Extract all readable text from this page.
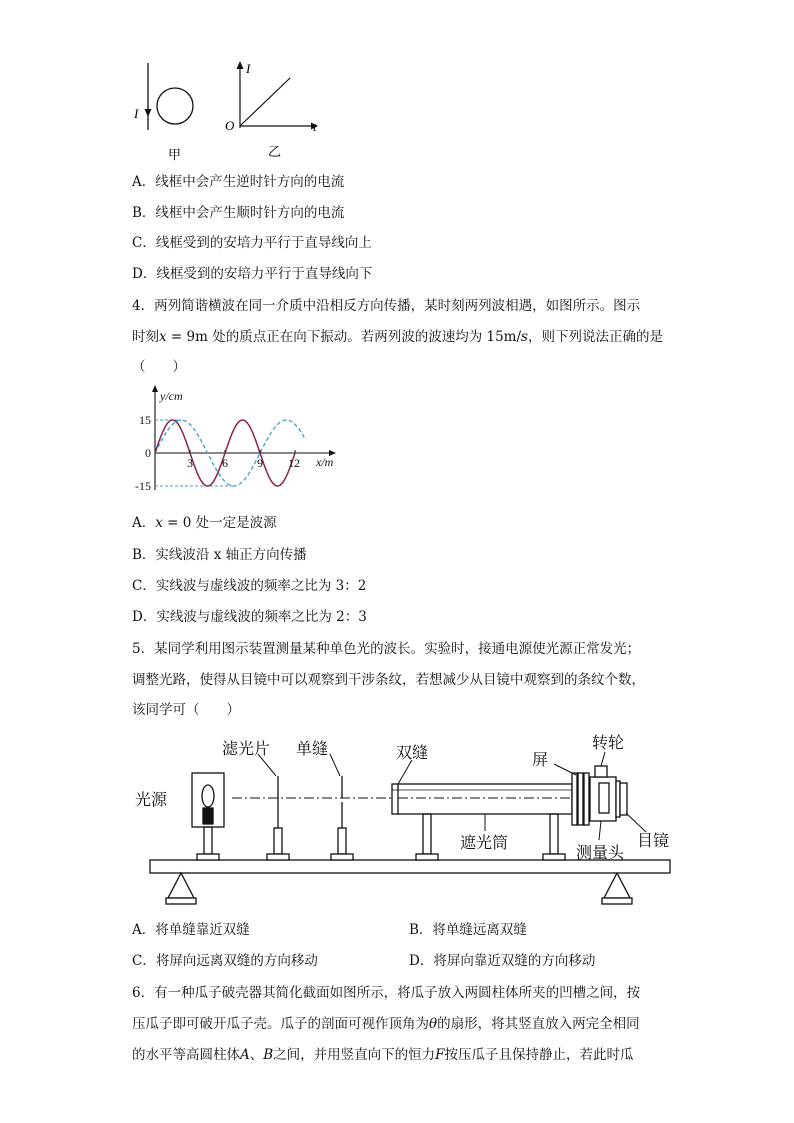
I
甲
I
t
O
乙
A．线框中会产生逆时针方向的电流
B．线框中会产生顺时针方向的电流
C．线框受到的安培力平行于直导线向上
D．线框受到的安培力平行于直导线向下
4．两列简谐横波在同一介质中沿相反方向传播，某时刻两列波相遇，如图所示。图示
时刻x = 9m 处的质点正在向下振动。若两列波的波速均为 15m/s，则下列说法正确的是
（　　）
3 6 9 12
15
0
-15
y/cm
x/m
A．x = 0 处一定是波源
B．实线波沿 x 轴正方向传播
C．实线波与虚线波的频率之比为 3：2
D．实线波与虚线波的频率之比为 2：3
5．某同学利用图示装置测量某种单色光的波长。实验时，接通电源使光源正常发光；
调整光路，使得从目镜中可以观察到干涉条纹，若想减少从目镜中观察到的条纹个数，
该同学可（　　）
光源
滤光片 单缝	双缝	屏
转轮
遮光筒
测量头
目镜
A．将单缝靠近双缝	B．将单缝远离双缝
C．将屏向远离双缝的方向移动	D．将屏向靠近双缝的方向移动
6．有一种瓜子破壳器其简化截面如图所示，将瓜子放入两圆柱体所夹的凹槽之间，按
压瓜子即可破开瓜子壳。瓜子的剖面可视作顶角为θ的扇形，将其竖直放入两完全相同
的水平等高圆柱体A、B之间，并用竖直向下的恒力F按压瓜子且保持静止，若此时瓜
